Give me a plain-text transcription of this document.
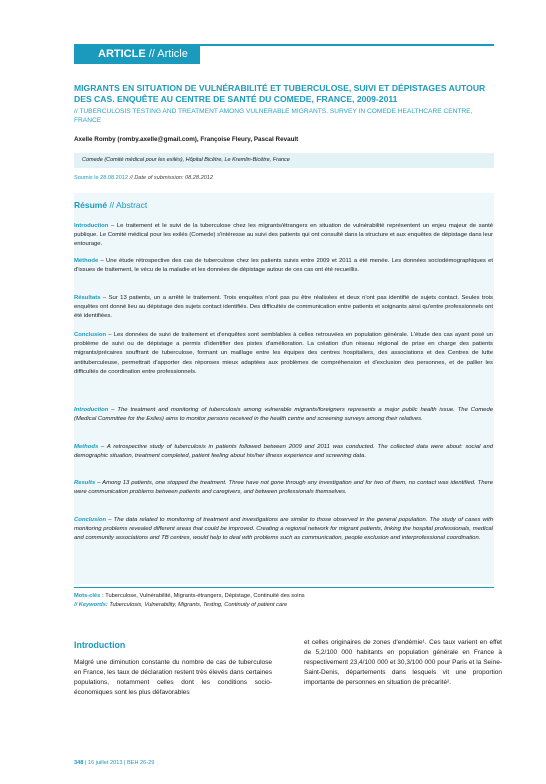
ARTICLE // Article
MIGRANTS EN SITUATION DE VULNÉRABILITÉ ET TUBERCULOSE, SUIVI ET DÉPISTAGES AUTOUR DES CAS. ENQUÊTE AU CENTRE DE SANTÉ DU COMEDE, FRANCE, 2009-2011

// TUBERCULOSIS TESTING AND TREATMENT AMONG VULNERABLE MIGRANTS. SURVEY IN COMEDE HEALTHCARE CENTRE, FRANCE

Axelle Romby (romby.axelle@gmail.com), Françoise Fleury, Pascal Revault
Comede (Comité médical pour les exilés), Hôpital Bicêtre, Le Kremlin-Bicêtre, France
Soumis le 28.08.2012 // Date of submission: 08.28.2012
Résumé // Abstract

Introduction – Le traitement et le suivi de la tuberculose chez les migrants/étrangers en situation de vulnérabilité représentent un enjeu majeur de santé publique. Le Comité médical pour les exilés (Comede) s'intéresse au suivi des patients qui ont consulté dans la structure et aux enquêtes de dépistage dans leur entourage.

Méthode – Une étude rétrospective des cas de tuberculose chez les patients suivis entre 2009 et 2011 a été menée. Les données sociodémographiques et d'issues de traitement, le vécu de la maladie et les données de dépistage autour de ces cas ont été recueillis.

Résultats – Sur 13 patients, un a arrêté le traitement. Trois enquêtes n'ont pas pu être réalisées et deux n'ont pas identifié de sujets contact. Seules trois enquêtes ont donné lieu au dépistage des sujets contact identifiés. Des difficultés de communication entre patients et soignants ainsi qu'entre professionnels ont été identifiées.

Conclusion – Les données de suivi de traitement et d'enquêtes sont semblables à celles retrouvées en population générale. L'étude des cas ayant posé un problème de suivi ou de dépistage a permis d'identifier des pistes d'amélioration. La création d'un réseau régional de prise en charge des patients migrants/précaires souffrant de tuberculose, formant un maillage entre les équipes des centres hospitaliers, des associations et des Centres de lutte antituberculeuse, permettrait d'apporter des réponses mieux adaptées aux problèmes de compréhension et d'exclusion des personnes, et de pallier les difficultés de coordination entre professionnels.

Introduction – The treatment and monitoring of tuberculosis among vulnerable migrants/foreigners represents a major public health issue. The Comede (Medical Committee for the Exiles) aims to monitor persons received in the health centre and screening surveys among their relatives.

Methods – A retrospective study of tuberculosis in patients followed between 2009 and 2011 was conducted. The collected data were about: social and demographic situation, treatment completed, patient feeling about his/her illness experience and screening data.

Results – Among 13 patients, one stopped the treatment. Three have not gone through any investigation and for two of them, no contact was identified. There were communication problems between patients and caregivers, and between professionals themselves.

Conclusion – The data related to monitoring of treatment and investigations are similar to those observed in the general population. The study of cases with monitoring problems revealed different areas that could be improved. Creating a regional network for migrant patients, linking the hospital professionals, medical and community associations and TB centres, would help to deal with problems such as communication, people exclusion and interprofessional coordination.

Mots-clés : Tuberculose, Vulnérabilité, Migrants-étrangers, Dépistage, Continuité des soins
// Keywords: Tuberculosis, Vulnerability, Migrants, Testing, Continuity of patient care
Introduction

Malgré une diminution constante du nombre de cas de tuberculose en France, les taux de déclaration restent très élevés dans certaines populations, notamment celles dont les conditions socio-économiques sont les plus défavorables

et celles originaires de zones d'endémie¹. Ces taux varient en effet de 5,2/100 000 habitants en population générale en France à respectivement 23,4/100 000 et 30,3/100 000 pour Paris et la Seine-Saint-Denis, départements dans lesquels vit une proportion importante de personnes en situation de précarité².

348 | 16 juillet 2013 | BEH 26-29
